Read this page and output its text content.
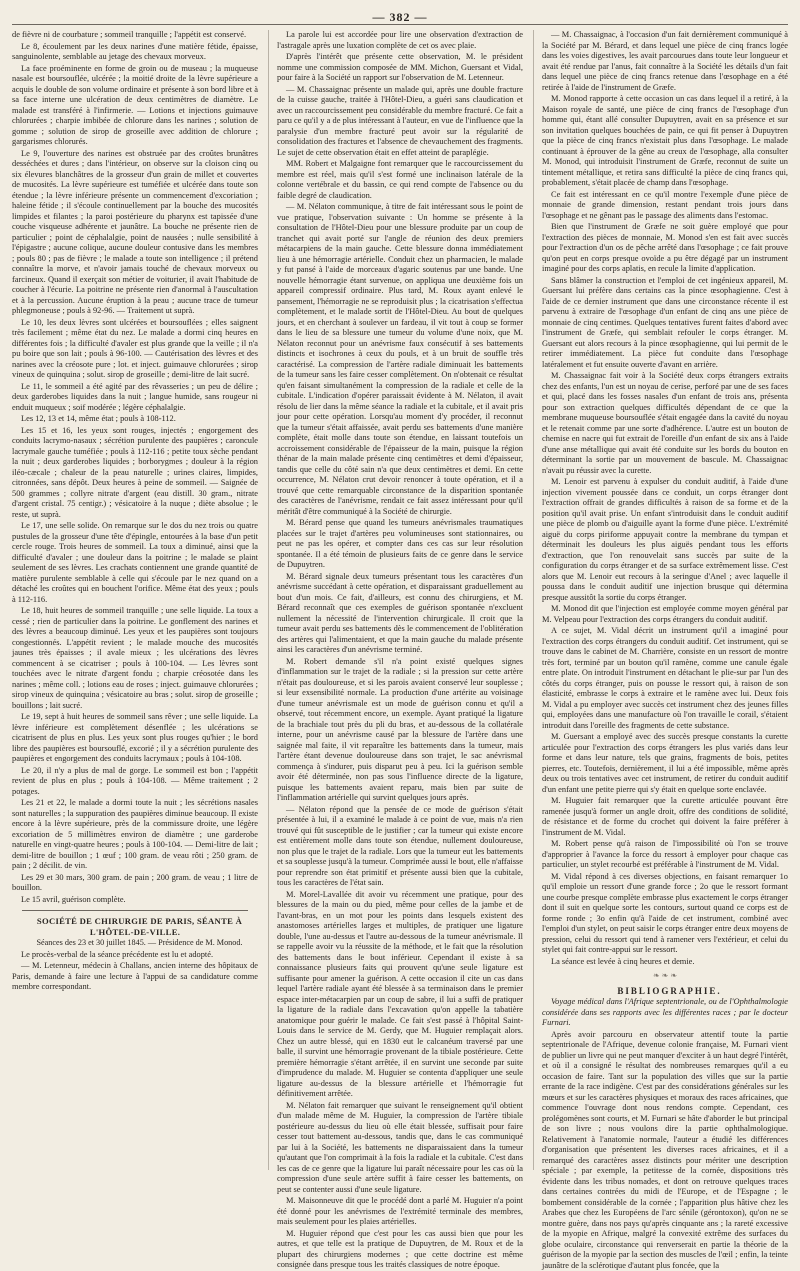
— 382 —

de fièvre ni de courbature ; sommeil tranquille ; l'appétit est conservé.

Le 8, écoulement par les deux narines d'une matière fétide, épaisse, sanguinolente, semblable au jetage des chevaux morveux.

La face proéminente en forme de groin ou de museau ; la muqueuse nasale est boursouflée, ulcérée ; la moitié droite de la lèvre supérieure a acquis le double de son volume ordinaire et présente à son bord libre et à sa face interne une ulcération de deux centimètres de diamètre. Le malade est transféré à l'infirmerie. — Lotions et injections guimauve chlorurées ; charpie imbibée de chlorure dans les narines ; solution de gomme ; solution de sirop de groseille avec addition de chlorure ; gargarismes chlorurés.

Le 9, l'ouverture des narines est obstruée par des croûtes brunâtres desséchées et dures ; dans l'intérieur, on observe sur la cloison cinq ou six élevures blanchâtres de la grosseur d'un grain de millet et couvertes de mucosités. La lèvre supérieure est tuméfiée et ulcérée dans toute son étendue ; la lèvre inférieure présente un commencement d'excoriation ; haleine fétide ; il s'écoule continuellement par la bouche des mucosités limpides et filantes ; la paroi postérieure du pharynx est tapissée d'une couche visqueuse adhérente et jaunâtre. La bouche ne présente rien de particulier ; point de céphalalgie, point de nausées ; nulle sensibilité à l'épigastre ; aucune colique, aucune douleur contusive dans les membres ; pouls 80 ; pas de fièvre ; le malade a toute son intelligence ; il prétend connaître la morve, et n'avoir jamais touché de chevaux morveux ou farcineux. Quand il exerçait son métier de voiturier, il avait l'habitude de coucher à l'écurie. La poitrine ne présente rien d'anormal à l'auscultation et à la percussion. Aucune éruption à la peau ; aucune trace de tumeur phlegmoneuse ; pouls à 92-96. — Traitement ut suprà.

Le 10, les deux lèvres sont ulcérées et boursouflées ; elles saignent très facilement ; même état du nez. Le malade a dormi cinq heures en différentes fois ; la difficulté d'avaler est plus grande que la veille ; il n'a pu boire que son lait ; pouls à 96-100. — Cautérisation des lèvres et des narines avec la créosote pure ; lot. et inject. guimauve chlorurées ; sirop vineux de quinquina ; solut. sirop de groseille ; demi-litre de lait sucré.

Le 11, le sommeil a été agité par des rêvasseries ; un peu de délire ; deux garderobes liquides dans la nuit ; langue humide, sans rougeur ni enduit muqueux ; soif modérée ; légère céphalalgie.

Les 12, 13 et 14, même état ; pouls à 108-112.

Les 15 et 16, les yeux sont rouges, injectés ; engorgement des conduits lacrymo-nasaux ; sécrétion purulente des paupières ; caroncule lacrymale gauche tuméfiée ; pouls à 112-116 ; petite toux sèche pendant la nuit ; deux garderobes liquides ; borborygmes ; douleur à la région iléo-cæcale ; chaleur de la peau naturelle ; urines claires, limpides, citronnées, sans dépôt. Deux heures à peine de sommeil. — Saignée de 500 grammes ; collyre nitrate d'argent (eau distill. 30 gram., nitrate d'argent cristal. 75 centigr.) ; vésicatoire à la nuque ; diète absolue ; le reste, ut suprà.

Le 17, une selle solide. On remarque sur le dos du nez trois ou quatre pustules de la grosseur d'une tête d'épingle, entourées à la base d'un petit cercle rouge. Trois heures de sommeil. La toux a diminué, ainsi que la difficulté d'avaler ; une douleur dans la poitrine ; le malade se plaint seulement de ses lèvres. Les crachats contiennent une grande quantité de matière purulente semblable à celle qui s'écoule par le nez quand on a détaché les croûtes qui en bouchent l'orifice. Même état des yeux ; pouls à 112-116.

Le 18, huit heures de sommeil tranquille ; une selle liquide. La toux a cessé ; rien de particulier dans la poitrine. Le gonflement des narines et des lèvres a beaucoup diminué. Les yeux et les paupières sont toujours congestionnés. L'appétit revient ; le malade mouche des mucosités jaunes très épaisses ; il avale mieux ; les ulcérations des lèvres commencent à se cicatriser ; pouls à 100-104. — Les lèvres sont touchées avec le nitrate d'argent fondu ; charpie créosotée dans les narines ; même coll. ; lotions eau de roses ; inject. guimauve chlorurées ; sirop vineux de quinquina ; vésicatoire au bras ; solut. sirop de groseille ; bouillons ; lait sucré.

Le 19, sept à huit heures de sommeil sans rêver ; une selle liquide. La lèvre inférieure est complètement désenflée ; les ulcérations se cicatrisent de plus en plus. Les yeux sont plus rouges qu'hier ; le bord libre des paupières est boursouflé, excorié ; il y a sécrétion purulente des paupières et engorgement des conduits lacrymaux ; pouls à 104-108.

Le 20, il n'y a plus de mal de gorge. Le sommeil est bon ; l'appétit revient de plus en plus ; pouls à 104-108. — Même traitement ; 2 potages.

Les 21 et 22, le malade a dormi toute la nuit ; les sécrétions nasales sont naturelles ; la suppuration des paupières diminue beaucoup. Il existe encore à la lèvre supérieure, près de la commissure droite, une légère excoriation de 5 millimètres environ de diamètre ; une garderobe naturelle en vingt-quatre heures ; pouls à 100-104. — Demi-litre de lait ; demi-litre de bouillon ; 1 œuf ; 100 gram. de veau rôti ; 250 gram. de pain ; 2 décilit. de vin.

Les 29 et 30 mars, 300 gram. de pain ; 200 gram. de veau ; 1 litre de bouillon.

Le 15 avril, guérison complète.

SOCIÉTÉ DE CHIRURGIE DE PARIS, SÉANTE À L'HÔTEL-DE-VILLE.

Séances des 23 et 30 juillet 1845. — Présidence de M. Monod.

Le procès-verbal de la séance précédente est lu et adopté.

— M. Letenneur, médecin à Challans, ancien interne des hôpitaux de Paris, demande à faire une lecture à l'appui de sa candidature comme membre correspondant.

La parole lui est accordée pour lire une observation d'extraction de l'astragale après une luxation complète de cet os avec plaie.

D'après l'intérêt que présente cette observation, M. le président nomme une commission composée de MM. Michon, Guersant et Vidal, pour faire à la Société un rapport sur l'observation de M. Letenneur.

— M. Chassaignac présente un malade qui, après une double fracture de la cuisse gauche, traitée à l'Hôtel-Dieu, a guéri sans claudication et avec un raccourcissement peu considérable du membre fracturé. Ce fait a paru ce qu'il y a de plus intéressant à l'auteur, en vue de l'influence que la paralysie d'un membre fracturé peut avoir sur la régularité de consolidation des fractures et l'absence de chevauchement des fragments. Le sujet de cette observation était en effet atteint de paraplégie.

MM. Robert et Malgaigne font remarquer que le raccourcissement du membre est réel, mais qu'il s'est formé une inclinaison latérale de la colonne vertébrale et du bassin, ce qui rend compte de l'absence ou du faible degré de claudication.

— M. Nélaton communique, à titre de fait intéressant sous le point de vue pratique, l'observation suivante : Un homme se présente à la consultation de l'Hôtel-Dieu pour une blessure produite par un coup de tranchet qui avait porté sur l'angle de réunion des deux premiers métacarpiens de la main gauche. Cette blessure donna immédiatement lieu à une hémorragie artérielle. Conduit chez un pharmacien, le malade y fut pansé à l'aide de morceaux d'agaric soutenus par une bande. Une nouvelle hémorragie étant survenue, on appliqua une deuxième fois un appareil compressif ordinaire. Plus tard, M. Roux ayant enlevé le pansement, l'hémorragie ne se reproduisit plus ; la cicatrisation s'effectua complètement, et le malade sortit de l'Hôtel-Dieu. Au bout de quelques jours, et en cherchant à soulever un fardeau, il vit tout à coup se former dans le lieu de sa blessure une tumeur du volume d'une noix, que M. Nélaton reconnut pour un anévrisme faux consécutif à ses battements distincts et isochrones à ceux du pouls, et à un bruit de souffle très caractérisé. La compression de l'artère radiale diminuait les battements de la tumeur sans les faire cesser complètement. On n'obtenait ce résultat qu'en faisant simultanément la compression de la radiale et celle de la cubitale. L'indication d'opérer paraissait évidente à M. Nélaton, il avait résolu de lier dans la même séance la radiale et la cubitale, et il avait pris jour pour cette opération. Lorsqu'au moment d'y procéder, il reconnut que la tumeur s'était affaissée, avait perdu ses battements d'une manière complète, était molle dans toute son étendue, en laissant toutefois un accroissement considérable de l'épaisseur de la main, puisque la région thénar de la main malade présente cinq centimètres et demi d'épaisseur, tandis que celle du côté sain n'a que deux centimètres et demi. En cette occurrence, M. Nélaton crut devoir renoncer à toute opération, et il a trouvé que cette remarquable circonstance de la disparition spontanée des caractères de l'anévrisme, rendait ce fait assez intéressant pour qu'il méritât d'être communiqué à la Société de chirurgie.

M. Bérard pense que quand les tumeurs anévrismales traumatiques placées sur le trajet d'artères peu volumineuses sont stationnaires, ou peut ne pas les opérer, et compter dans ces cas sur leur résolution spontanée. Il a été témoin de plusieurs faits de ce genre dans le service de Dupuytren.

M. Bérard signale deux tumeurs présentant tous les caractères d'un anévrisme succédant à cette opération, et disparaissant graduellement au bout d'un mois. Ce fait, d'ailleurs, est connu des chirurgiens, et M. Bérard reconnaît que ces exemples de guérison spontanée n'excluent nullement la nécessité de l'intervention chirurgicale. Il croit que la tumeur avait perdu ses battements dès le commencement de l'oblitération des artères qui l'alimentaient, et que la main gauche du malade présente ainsi les caractères d'un anévrisme terminé.

M. Robert demande s'il n'a point existé quelques signes d'inflammation sur le trajet de la radiale ; si la pression sur cette artère n'était pas douloureuse, et si les parois avaient conservé leur souplesse ; si leur exsensibilité normale. La production d'une artérite au voisinage d'une tumeur anévrismale est un mode de guérison connu et qu'il a observé, tout récemment encore, un exemple. Ayant pratiqué la ligature de la brachiale tout près du pli du bras, et au-dessous de la collatérale interne, pour un anévrisme causé par la blessure de l'artère dans une saignée mal faite, il vit reparaître les battements dans la tumeur, mais l'artère étant devenue douloureuse dans son trajet, le sac anévrismal commença à s'indurer, puis disparut peu à peu. Ici la guérison semble avoir été déterminée, non pas sous l'influence directe de la ligature, puisque les battements avaient reparu, mais bien par suite de l'inflammation artérielle qui survint quelques jours après.

— Nélaton répond que la pensée de ce mode de guérison s'était présentée à lui, il a examiné le malade à ce point de vue, mais n'a rien trouvé qui fût susceptible de le justifier ; car la tumeur qui existe encore est entièrement molle dans toute son étendue, nullement douloureuse, non plus que le trajet de la radiale. Lors que la tumeur eut les battements et sa souplesse jusqu'à la tumeur. Comprimée aussi le bout, elle n'affaisse pour reprendre son état primitif et présente aussi bien que la cubitale, tous les caractères de l'état sain.

M. Morel-Lavallée dit avoir vu récemment une pratique, pour des blessures de la main ou du pied, même pour celles de la jambe et de l'avant-bras, en un mot pour les points dans lesquels existent des anastomoses artérielles larges et multiples, de pratiquer une ligature double, l'une au-dessus et l'autre au-dessous de la tumeur anévrismale. Il se rappelle avoir vu la réussite de la méthode, et le fait que la résolution des battements dans le bout inférieur. Cependant il existe à sa connaissance plusieurs faits qui prouvent qu'une seule ligature est suffisante pour amener la guérison. A cette occasion il cite un cas dans lequel l'artère radiale ayant été blessée à sa terminaison dans le premier espace inter-métacarpien par un coup de sabre, il lui a suffi de pratiquer la ligature de la radiale dans l'excavation qu'on appelle la tabatière anatomique pour guérir le malade. Ce fait s'est passé à l'hôpital Saint-Louis dans le service de M. Gerdy, que M. Huguier remplaçait alors. Chez un autre blessé, qui en 1830 eut le calcanéum traversé par une balle, il survint une hémorragie provenant de la tibiale postérieure. Cette première hémorragie s'étant arrêtée, il en survint une seconde par suite d'imprudence du malade. M. Huguier se contenta d'appliquer une seule ligature au-dessus de la blessure artérielle et l'hémorragie fut définitivement arrêtée.

M. Nélaton fait remarquer que suivant le renseignement qu'il obtient d'un malade même de M. Huguier, la compression de l'artère tibiale postérieure au-dessus du lieu où elle était blessée, suffisait pour faire cesser tout battement au-dessous, tandis que, dans le cas communiqué par lui à la Société, les battements ne disparaissaient dans la tumeur qu'autant que l'on comprimait à la fois la radiale et la cubitale. C'est dans les cas de ce genre que la ligature lui paraît nécessaire pour les cas où la compression d'une seule artère suffit à faire cesser les battements, on peut se contenter aussi d'une seule ligature.

M. Maisonneuve dit que le procédé dont a parlé M. Huguier n'a point été donné pour les anévrismes de l'extrémité terminale des membres, mais seulement pour les plaies artérielles.

M. Huguier répond que c'est pour les cas aussi bien que pour les autres, et que telle est la pratique de Dupuytren, de M. Roux et de la plupart des chirurgiens modernes ; que cette doctrine est même consignée dans presque tous les traités classiques de notre époque.

— M. Chassaignac, à l'occasion d'un fait dernièrement communiqué à la Société par M. Bérard, et dans lequel une pièce de cinq francs logée dans les voies digestives, les avait parcourues dans toute leur longueur et avait été rendue par l'anus, fait connaître à la Société les détails d'un fait dans lequel une pièce de cinq francs retenue dans l'œsophage en a été retirée à l'aide de l'instrument de Græfe.

M. Monod rapporte à cette occasion un cas dans lequel il a retiré, à la Maison royale de santé, une pièce de cinq francs de l'œsophage d'un homme qui, étant allé consulter Dupuytren, avait en sa présence et sur son invitation quelques bouchées de pain, ce qui fit penser à Dupuytren que la pièce de cinq francs n'existait plus dans l'œsophage. Le malade continuant à éprouver de la gêne au creux de l'œsophage, alla consulter M. Monod, qui introduisit l'instrument de Græfe, reconnut de suite un tintement métallique, et retira sans difficulté la pièce de cinq francs qui, probablement, s'était placée de champ dans l'œsophage.

Ce fait est intéressant en ce qu'il montre l'exemple d'une pièce de monnaie de grande dimension, restant pendant trois jours dans l'œsophage et ne gênant pas le passage des aliments dans l'estomac.

Bien que l'instrument de Græfe ne soit guère employé que pour l'extraction des pièces de monnaie, M. Monod s'en est fait avec succès pour l'extraction d'un os de pêche arrêté dans l'œsophage ; ce fait prouve qu'on peut en corps presque ovoïde a pu être dégagé par un instrument imaginé pour des corps aplatis, en recule la limite d'application.

Sans blâmer la construction et l'emploi de cet ingénieux appareil, M. Guersant lui préfère dans certains cas la pince œsophagienne. C'est à l'aide de ce dernier instrument que dans une circonstance récente il est parvenu à extraire de l'œsophage d'un enfant de cinq ans une pièce de monnaie de cinq centimes. Quelques tentatives furent faites d'abord avec l'instrument de Græfe, qui semblait refouler le corps étranger. M. Guersant eut alors recours à la pince œsophagienne, qui lui permit de le retirer immédiatement. La pièce fut conduite dans l'œsophage latéralement et fut ensuite ouverte d'avant en arrière.

M. Chassaignac fait voir à la Société deux corps étrangers extraits chez des enfants, l'un est un noyau de cerise, perforé par une de ses faces et qui, placé dans les fosses nasales d'un enfant de trois ans, présenta pour son extraction quelques difficultés dépendant de ce que la membrane muqueuse boursouflée s'était engagée dans la cavité du noyau et le retenait comme par une sorte d'adhérence. L'autre est un bouton de chemise en nacre qui fut extrait de l'oreille d'un enfant de six ans à l'aide d'une anse métallique qui avait été conduite sur les bords du bouton en déterminant la sortie par un mouvement de bascule. M. Chassaignac n'avait pu réussir avec la curette.

M. Lenoir est parvenu à expulser du conduit auditif, à l'aide d'une injection vivement poussée dans ce conduit, un corps étranger dont l'extraction offrait de grandes difficultés à raison de sa forme et de la position qu'il avait prise. Un enfant s'introduisit dans le conduit auditif une pièce de plomb ou d'aiguille ayant la forme d'une pièce. L'extrémité aiguë du corps piriforme appuyait contre la membrane du tympan et déterminait les douleurs les plus aiguës pendant tous les efforts d'extraction, que l'on renouvelait sans succès par suite de la configuration du corps étranger et de sa surface extrêmement lisse. C'est alors que M. Lenoir eut recours à la seringue d'Anel ; avec laquelle il poussa dans le conduit auditif une injection brusque qui détermina presque aussitôt la sortie du corps étranger.

M. Monod dit que l'injection est employée comme moyen général par M. Velpeau pour l'extraction des corps étrangers du conduit auditif.

A ce sujet, M. Vidal décrit un instrument qu'il a imaginé pour l'extraction des corps étrangers du conduit auditif. Cet instrument, qui se trouve dans le cabinet de M. Charrière, consiste en un ressort de montre très fort, terminé par un bouton qu'il ramène, comme une canule égale entre plate. On introduit l'instrument en détachant le plie-sur par l'un des côtés du corps étranger, puis on pousse le ressort qui, à raison de son élasticité, embrasse le corps à extraire et le ramène avec lui. Deux fois M. Vidal a pu employer avec succès cet instrument chez des jeunes filles qui, employées dans une manufacture où l'on travaille le corail, s'étaient introduit dans l'oreille des fragments de cette substance.

M. Guersant a employé avec des succès presque constants la curette articulée pour l'extraction des corps étrangers les plus variés dans leur forme et dans leur nature, tels que grains, fragments de bois, petites pierres, etc. Toutefois, dernièrement, il lui a été impossible, même après deux ou trois tentatives avec cet instrument, de retirer du conduit auditif d'un enfant une petite pierre qui s'y était en quelque sorte enclavée.

M. Huguier fait remarquer que la curette articulée pouvant être ramenée jusqu'à former un angle droit, offre des conditions de solidité, de résistance et de forme du crochet qui doivent la faire préférer à l'instrument de M. Vidal.

M. Robert pense qu'à raison de l'impossibilité où l'on se trouve d'approprier à l'avance la force du ressort à employer pour chaque cas particulier, un stylet recourbé est préférable à l'instrument de M. Vidal.

M. Vidal répond à ces diverses objections, en faisant remarquer 1o qu'il emploie un ressort d'une grande force ; 2o que le ressort formant une courbe presque complète embrasse plus exactement le corps étranger dont il suit en quelque sorte les contours, surtout quand ce corps est de forme ronde ; 3o enfin qu'à l'aide de cet instrument, combiné avec l'emploi d'un stylet, on peut saisir le corps étranger entre deux moyens de pression, celui du ressort qui tend à ramener vers l'extérieur, et celui du stylet qui fait contre-appui sur le ressort.

La séance est levée à cinq heures et demie.

❧ ❧ ❧

BIBLIOGRAPHIE.

Voyage médical dans l'Afrique septentrionale, ou de l'Ophthalmologie considérée dans ses rapports avec les différentes races ; par le docteur Furnari.

Après avoir parcouru en observateur attentif toute la partie septentrionale de l'Afrique, devenue colonie française, M. Furnari vient de publier un livre qui ne peut manquer d'exciter à un haut degré l'intérêt, et où il a consigné le résultat des nombreuses remarques qu'il a eu occasion de faire. Tant sur la population des villes que sur la partie errante de la race indigène. C'est par des considérations générales sur les mœurs et sur les caractères physiques et moraux des races africaines, que commence l'ouvrage dont nous rendons compte. Cependant, ces prolégomènes sont courts, et M. Furnari se hâte d'aborder le but principal de son livre ; nous voulons dire la partie ophthalmologique. Relativement à l'anatomie normale, l'auteur a étudié les différences d'organisation que présentent les diverses races africaines, et il a remarqué des caractères assez distincts pour mériter une description spéciale ; par exemple, la petitesse de la cornée, dispositions très évidente dans les tribus nomades, et dont on retrouve quelques traces dans certaines contrées du midi de l'Europe, et de l'Espagne ; le bombement considérable de la cornée ; l'apparition plus hâtive chez les Arabes que chez les Européens de l'arc sénile (gérontoxon), qu'on ne se montre guère, dans nos pays qu'après cinquante ans ; la rareté excessive de la myopie en Afrique, malgré la convexité extrême des surfaces du globe oculaire, circonstance qui renverserait en partie la théorie de la guérison de la myopie par la section des muscles de l'œil ; enfin, la teinte jaunâtre de la sclérotique d'autant plus foncée, que la
